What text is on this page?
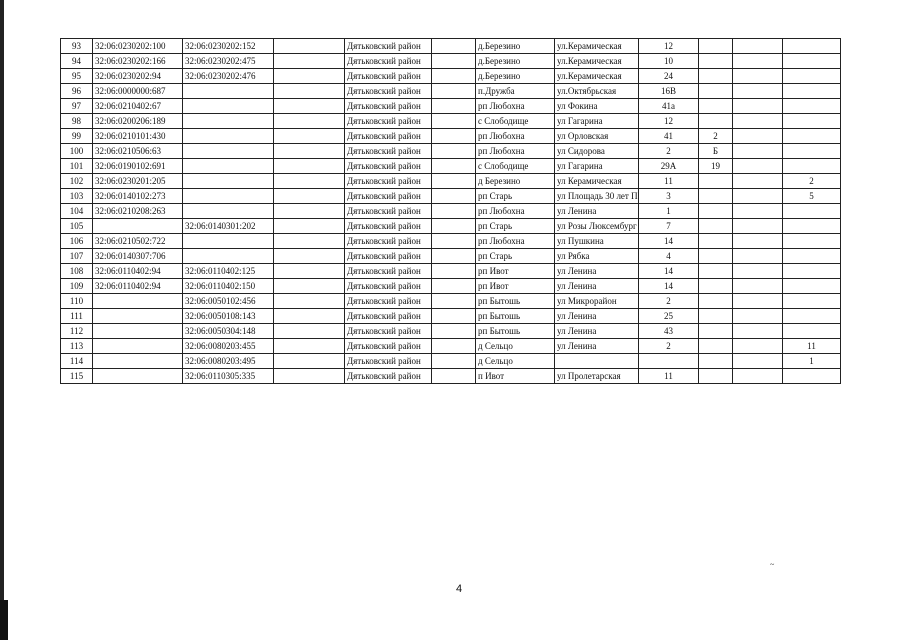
93	32:06:0230202:100	32:06:0230202:152		Дятьковский район		д.Березино	ул.Керамическая	12			
94	32:06:0230202:166	32:06:0230202:475		Дятьковский район		д.Березино	ул.Керамическая	10			
95	32:06:0230202:94	32:06:0230202:476		Дятьковский район		д.Березино	ул.Керамическая	24			
96	32:06:0000000:687			Дятьковский район		п.Дружба	ул.Октябрьская	16В			
97	32:06:0210402:67			Дятьковский район		рп Любохна	ул Фокина	41а			
98	32:06:0200206:189			Дятьковский район		с Слободище	ул Гагарина	12			
99	32:06:0210101:430			Дятьковский район		рп Любохна	ул Орловская	41	2		
100	32:06:0210506:63			Дятьковский район		рп Любохна	ул Сидорова	2	Б		
101	32:06:0190102:691			Дятьковский район		с Слободище	ул Гагарина	29А	19		
102	32:06:0230201:205			Дятьковский район		д Березино	ул Керамическая	11			2
103	32:06:0140102:273			Дятьковский район		рп Старь	ул Площадь 30 лет П	3			5
104	32:06:0210208:263			Дятьковский район		рп Любохна	ул Ленина	1			
105		32:06:0140301:202		Дятьковский район		рп Старь	ул Розы Люксембург	7			
106	32:06:0210502:722			Дятьковский район		рп Любохна	ул Пушкина	14			
107	32:06:0140307:706			Дятьковский район		рп Старь	ул Рябка	4			
108	32:06:0110402:94	32:06:0110402:125		Дятьковский район		рп Ивот	ул Ленина	14			
109	32:06:0110402:94	32:06:0110402:150		Дятьковский район		рп Ивот	ул Ленина	14			
110		32:06:0050102:456		Дятьковский район		рп Бытошь	ул Микрорайон	2			
111		32:06:0050108:143		Дятьковский район		рп Бытошь	ул Ленина	25			
112		32:06:0050304:148		Дятьковский район		рп Бытошь	ул Ленина	43			
113		32:06:0080203:455		Дятьковский район		д Сельцо	ул Ленина	2			11
114		32:06:0080203:495		Дятьковский район		д Сельцо					1
115		32:06:0110305:335		Дятьковский район		п Ивот	ул Пролетарская	11			
4
~
